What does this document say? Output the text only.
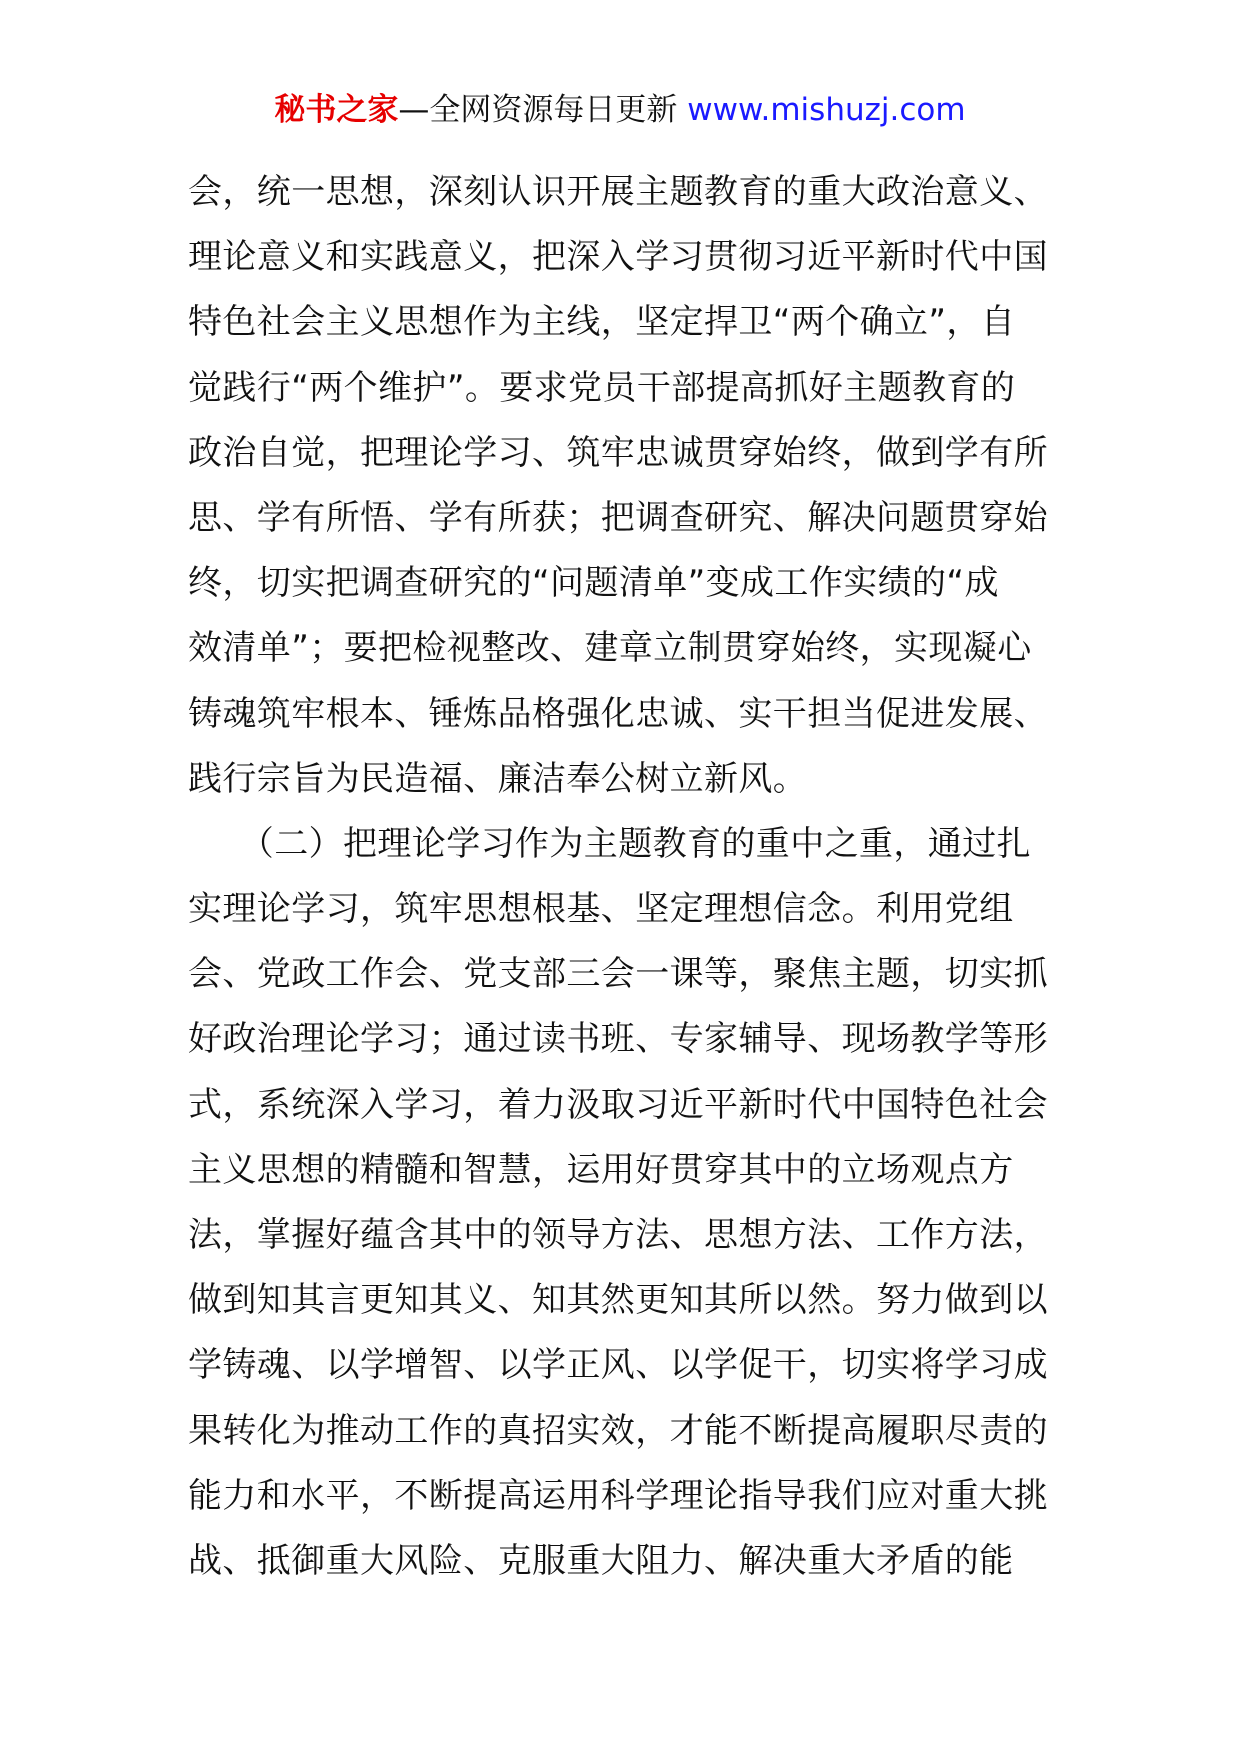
秘书之家—全网资源每日更新 www.mishuzj.com
会，统一思想，深刻认识开展主题教育的重大政治意义、
理论意义和实践意义，把深入学习贯彻习近平新时代中国
特色社会主义思想作为主线，坚定捍卫“两个确立”，自
觉践行“两个维护”。要求党员干部提高抓好主题教育的
政治自觉，把理论学习、筑牢忠诚贯穿始终，做到学有所
思、学有所悟、学有所获；把调查研究、解决问题贯穿始
终，切实把调查研究的“问题清单”变成工作实绩的“成
效清单”；要把检视整改、建章立制贯穿始终，实现凝心
铸魂筑牢根本、锤炼品格强化忠诚、实干担当促进发展、
践行宗旨为民造福、廉洁奉公树立新风。
　　（二）把理论学习作为主题教育的重中之重，通过扎
实理论学习，筑牢思想根基、坚定理想信念。利用党组
会、党政工作会、党支部三会一课等，聚焦主题，切实抓
好政治理论学习；通过读书班、专家辅导、现场教学等形
式，系统深入学习，着力汲取习近平新时代中国特色社会
主义思想的精髓和智慧，运用好贯穿其中的立场观点方
法，掌握好蕴含其中的领导方法、思想方法、工作方法，
做到知其言更知其义、知其然更知其所以然。努力做到以
学铸魂、以学增智、以学正风、以学促干，切实将学习成
果转化为推动工作的真招实效，才能不断提高履职尽责的
能力和水平，不断提高运用科学理论指导我们应对重大挑
战、抵御重大风险、克服重大阻力、解决重大矛盾的能
